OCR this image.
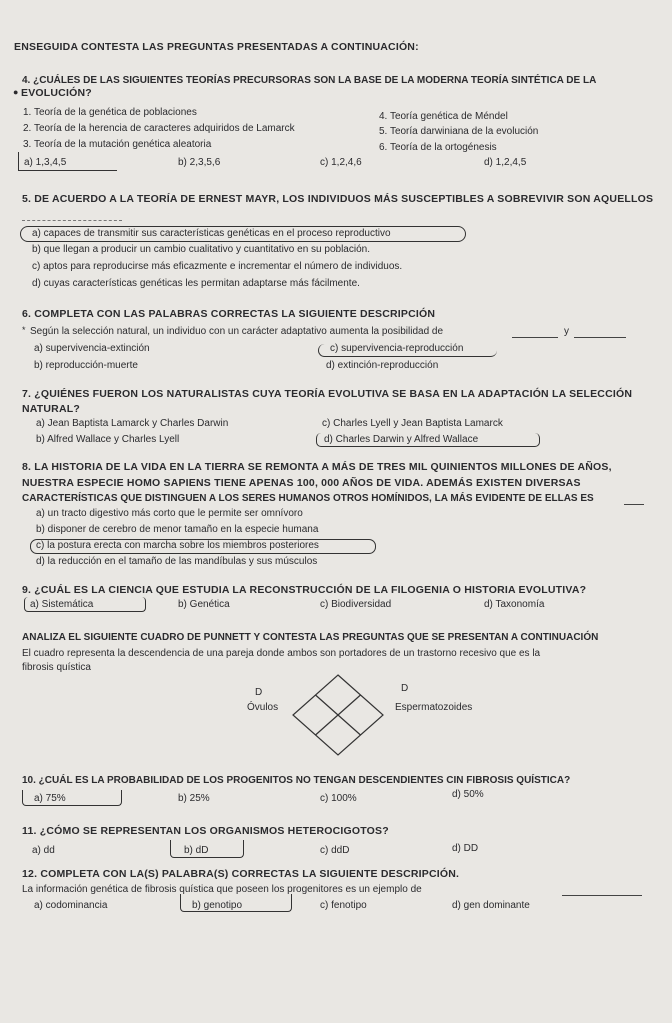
ENSEGUIDA CONTESTA LAS PREGUNTAS PRESENTADAS A CONTINUACIÓN:
4. ¿CUÁLES DE LAS SIGUIENTES TEORÍAS PRECURSORAS SON LA BASE DE LA MODERNA TEORÍA SINTÉTICA DE LA
● EVOLUCIÓN?
1. Teoría de la genética de poblaciones
2. Teoría de la herencia de caracteres adquiridos de Lamarck
3. Teoría de la mutación genética aleatoria
4. Teoría genética de Méndel
5. Teoría darwiniana de la evolución
6. Teoría de la ortogénesis
a) 1,3,4,5	b) 2,3,5,6	c) 1,2,4,6	d) 1,2,4,5
5. DE ACUERDO A LA TEORÍA DE ERNEST MAYR, LOS INDIVIDUOS MÁS SUSCEPTIBLES A SOBREVIVIR SON AQUELLOS
a) capaces de transmitir sus características genéticas en el proceso reproductivo
b) que llegan a producir un cambio cualitativo y cuantitativo en su población.
c) aptos para reproducirse más eficazmente e incrementar el número de individuos.
d) cuyas características genéticas les permitan adaptarse más fácilmente.
6. COMPLETA CON LAS PALABRAS CORRECTAS LA SIGUIENTE DESCRIPCIÓN
* Según la selección natural, un individuo con un carácter adaptativo aumenta la posibilidad de	y
a) supervivencia-extinción
b) reproducción-muerte
c) supervivencia-reproducción
d) extinción-reproducción
7. ¿QUIÉNES FUERON LOS NATURALISTAS CUYA TEORÍA EVOLUTIVA SE BASA EN LA ADAPTACIÓN LA SELECCIÓN
NATURAL?
a) Jean Baptista Lamarck y Charles Darwin
b) Alfred Wallace y Charles Lyell
c) Charles Lyell y Jean Baptista Lamarck
d) Charles Darwin y Alfred Wallace
8. LA HISTORIA DE LA VIDA EN LA TIERRA SE REMONTA A MÁS DE TRES MIL QUINIENTOS MILLONES DE AÑOS,
NUESTRA ESPECIE HOMO SAPIENS TIENE APENAS 100, 000 AÑOS DE VIDA. ADEMÁS EXISTEN DIVERSAS
CARACTERÍSTICAS QUE DISTINGUEN A LOS SERES HUMANOS OTROS HOMÍNIDOS, LA MÁS EVIDENTE DE ELLAS ES
a) un tracto digestivo más corto que le permite ser omnívoro
b) disponer de cerebro de menor tamaño en la especie humana
c) la postura erecta con marcha sobre los miembros posteriores
d) la reducción en el tamaño de las mandíbulas y sus músculos
9. ¿CUÁL ES LA CIENCIA QUE ESTUDIA LA RECONSTRUCCIÓN DE LA FILOGENIA O HISTORIA EVOLUTIVA?
a) Sistemática	b) Genética	c) Biodiversidad	d) Taxonomía
ANALIZA EL SIGUIENTE CUADRO DE PUNNETT Y CONTESTA LAS PREGUNTAS QUE SE PRESENTAN A CONTINUACIÓN
El cuadro representa la descendencia de una pareja donde ambos son portadores de un trastorno recesivo que es la
fibrosis quística
D
Óvulos
D
Espermatozoides
10. ¿CUÁL ES LA PROBABILIDAD DE LOS PROGENITOS NO TENGAN DESCENDIENTES CIN FIBROSIS QUÍSTICA?
a) 75%	b) 25%	c) 100%	d) 50%
11. ¿CÓMO SE REPRESENTAN LOS ORGANISMOS HETEROCIGOTOS?
a) dd	b) dD	c) ddD	d) DD
12. COMPLETA CON LA(S) PALABRA(S) CORRECTAS LA SIGUIENTE DESCRIPCIÓN.
La información genética de fibrosis quística que poseen los progenitores es un ejemplo de
a) codominancia	b) genotipo	c) fenotipo	d) gen dominante
